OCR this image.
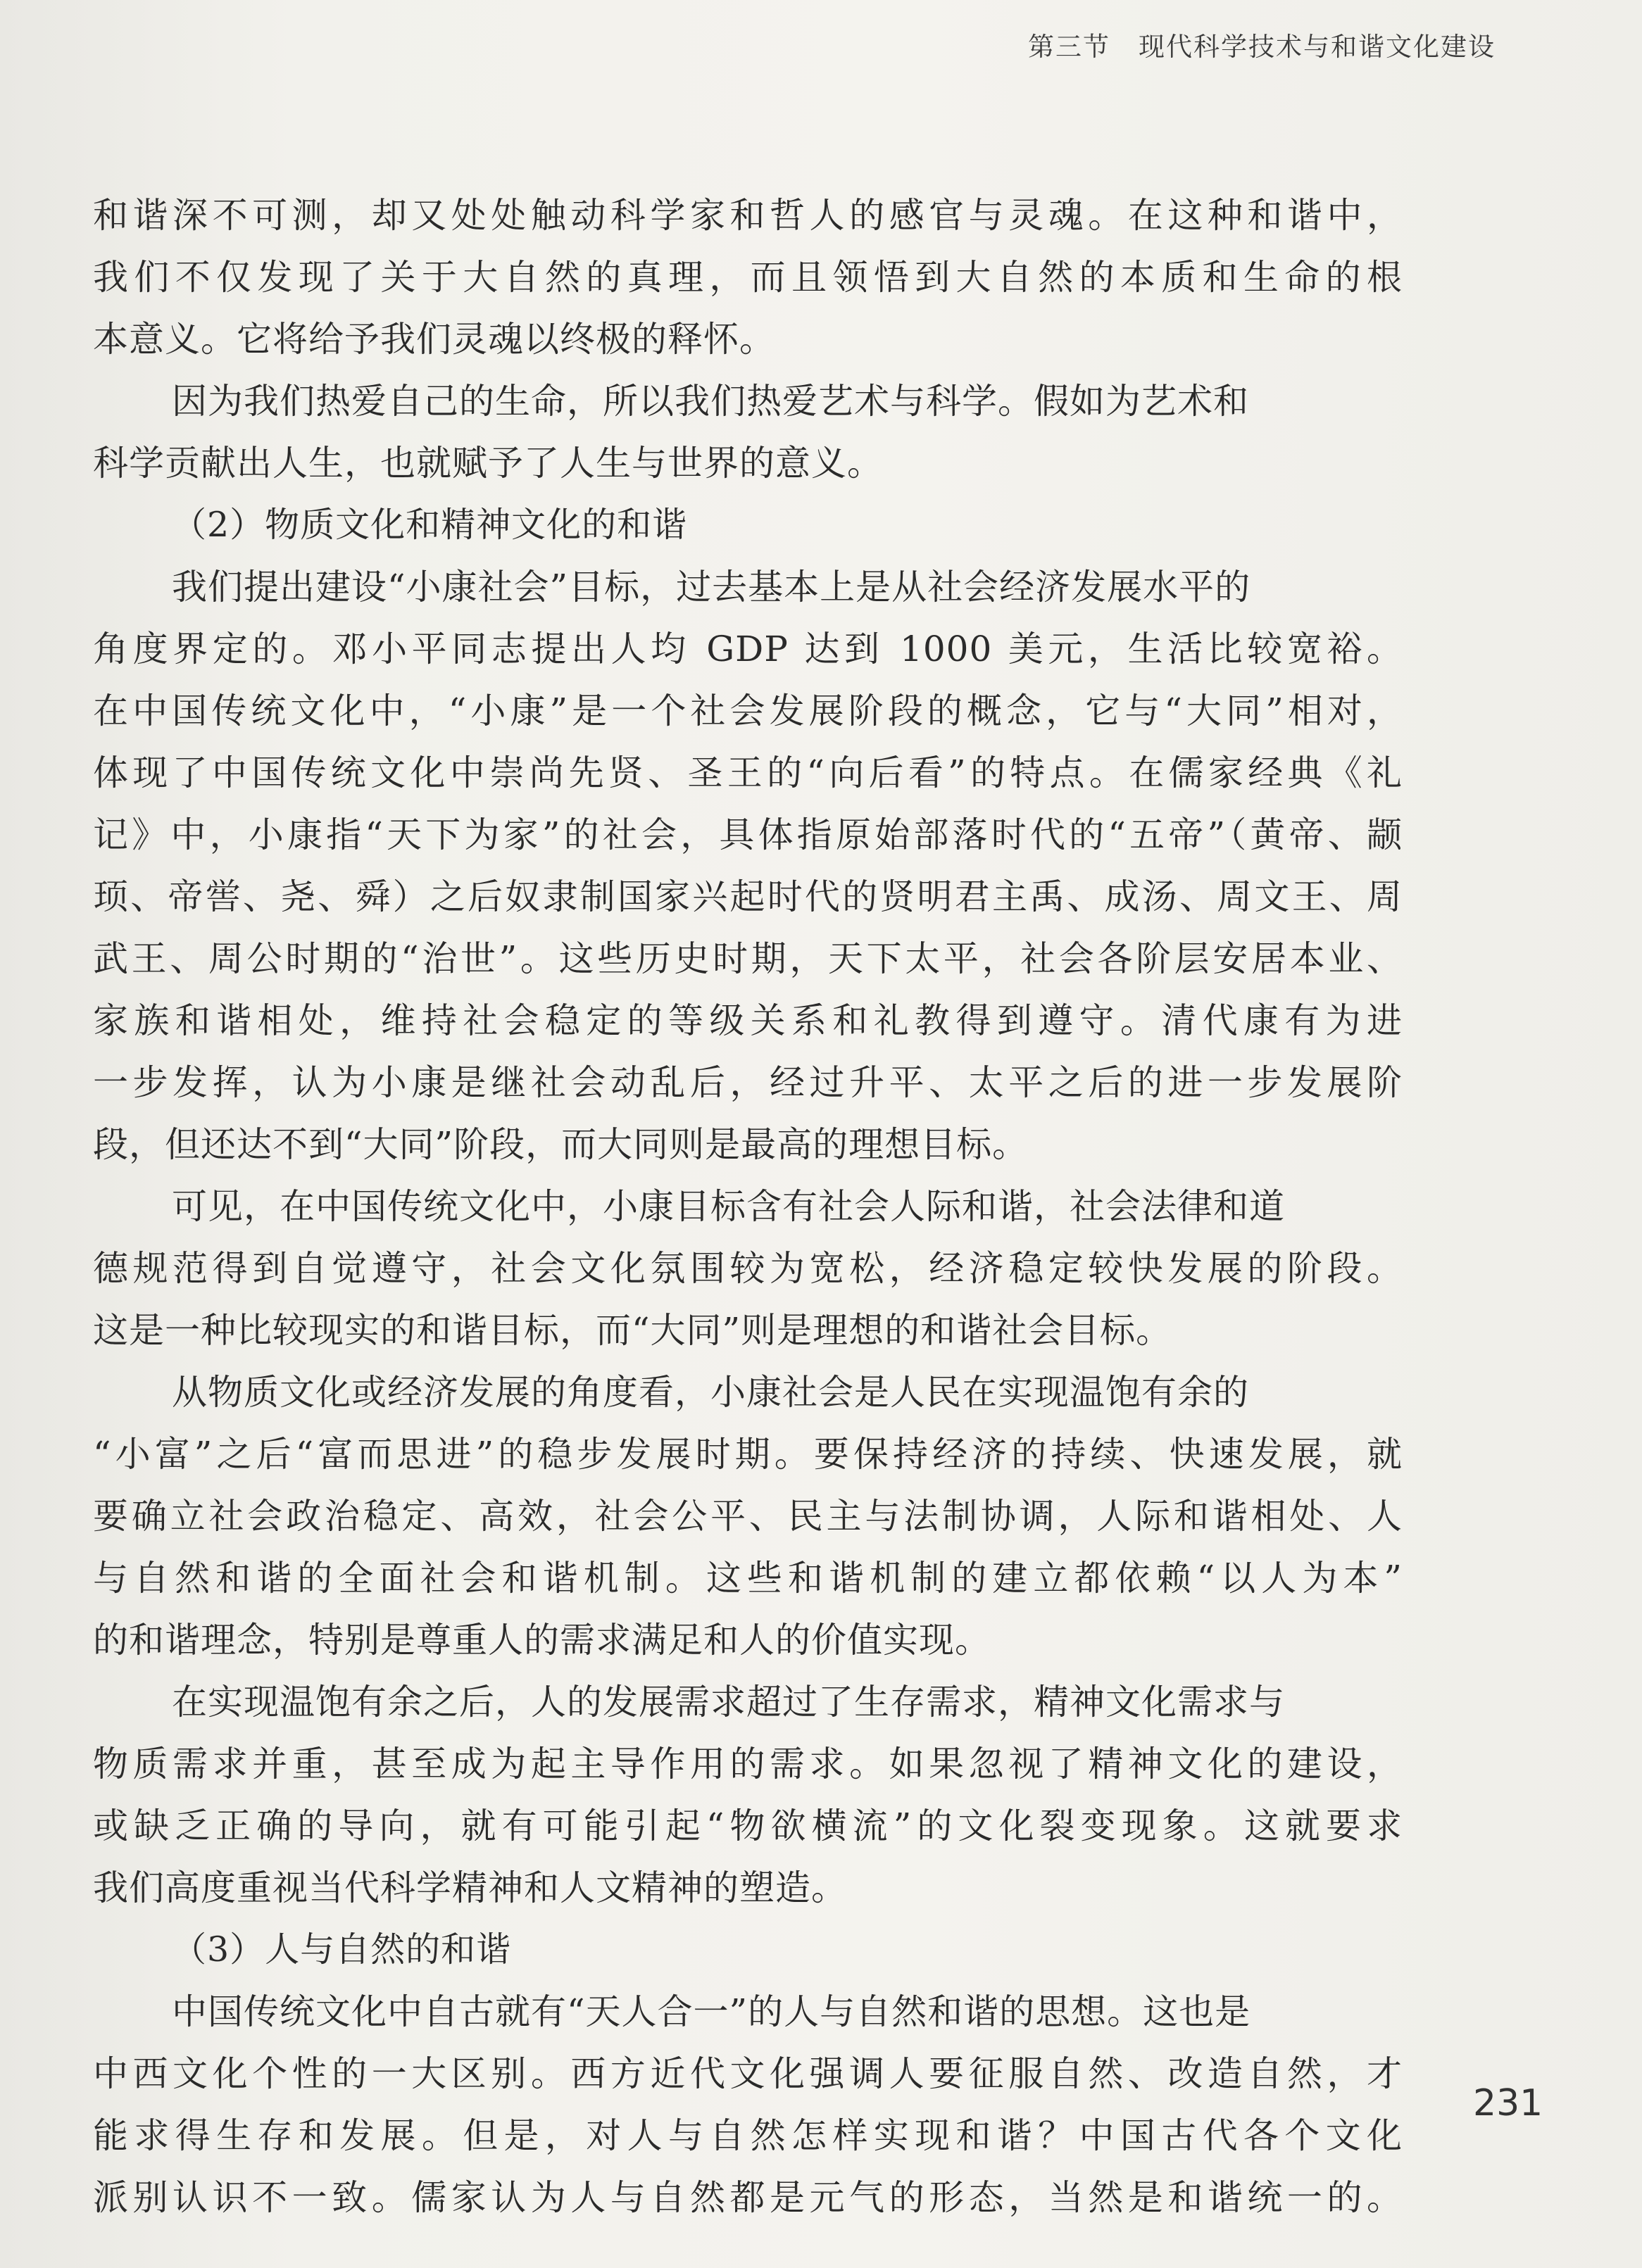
第三节 现代科学技术与和谐文化建设
和谐深不可测，却又处处触动科学家和哲人的感官与灵魂。在这种和谐中，
我们不仅发现了关于大自然的真理，而且领悟到大自然的本质和生命的根
本意义。它将给予我们灵魂以终极的释怀。
因为我们热爱自己的生命，所以我们热爱艺术与科学。假如为艺术和
科学贡献出人生，也就赋予了人生与世界的意义。
（2）物质文化和精神文化的和谐
我们提出建设“小康社会”目标，过去基本上是从社会经济发展水平的
角度界定的。邓小平同志提出人均 GDP 达到 1000 美元，生活比较宽裕。
在中国传统文化中，“小康”是一个社会发展阶段的概念，它与“大同”相对，
体现了中国传统文化中崇尚先贤、圣王的“向后看”的特点。在儒家经典《礼
记》中，小康指“天下为家”的社会，具体指原始部落时代的“五帝”（黄帝、颛
顼、帝喾、尧、舜）之后奴隶制国家兴起时代的贤明君主禹、成汤、周文王、周
武王、周公时期的“治世”。这些历史时期，天下太平，社会各阶层安居本业、
家族和谐相处，维持社会稳定的等级关系和礼教得到遵守。清代康有为进
一步发挥，认为小康是继社会动乱后，经过升平、太平之后的进一步发展阶
段，但还达不到“大同”阶段，而大同则是最高的理想目标。
可见，在中国传统文化中，小康目标含有社会人际和谐，社会法律和道
德规范得到自觉遵守，社会文化氛围较为宽松，经济稳定较快发展的阶段。
这是一种比较现实的和谐目标，而“大同”则是理想的和谐社会目标。
从物质文化或经济发展的角度看，小康社会是人民在实现温饱有余的
“小富”之后“富而思进”的稳步发展时期。要保持经济的持续、快速发展，就
要确立社会政治稳定、高效，社会公平、民主与法制协调，人际和谐相处、人
与自然和谐的全面社会和谐机制。这些和谐机制的建立都依赖“以人为本”
的和谐理念，特别是尊重人的需求满足和人的价值实现。
在实现温饱有余之后，人的发展需求超过了生存需求，精神文化需求与
物质需求并重，甚至成为起主导作用的需求。如果忽视了精神文化的建设，
或缺乏正确的导向，就有可能引起“物欲横流”的文化裂变现象。这就要求
我们高度重视当代科学精神和人文精神的塑造。
（3）人与自然的和谐
中国传统文化中自古就有“天人合一”的人与自然和谐的思想。这也是
中西文化个性的一大区别。西方近代文化强调人要征服自然、改造自然，才
能求得生存和发展。但是，对人与自然怎样实现和谐？中国古代各个文化
派别认识不一致。儒家认为人与自然都是元气的形态，当然是和谐统一的。
231
